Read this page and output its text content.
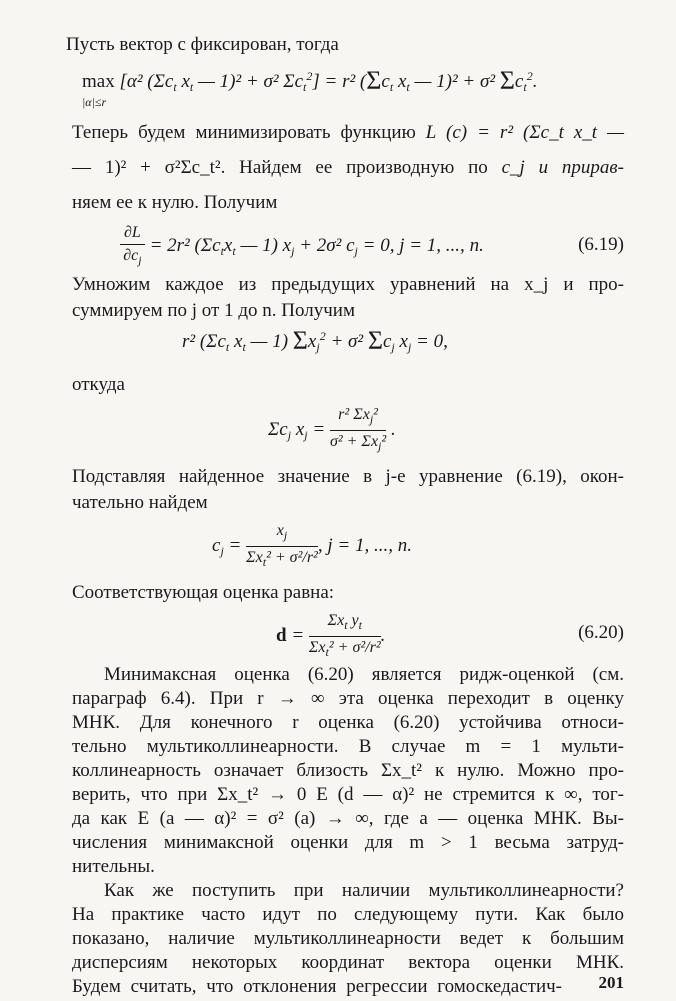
Пусть вектор с фиксирован, тогда
max [α² ($\Sigma c_t$ $x_t$ — 1)² + σ² $\Sigma c_t^2] = r^2$ ($\Sigma c_t$ $x_t$ — 1)² + σ² $\Sigma c_t^2$.
|α|≤r
Теперь будем минимизировать функцию L (c) = r² (Σc_t x_t —
— 1)² + σ²Σc_t². Найдем ее производную по c_j и прирав-
няем ее к нулю. Получим
$\frac{\partial L}{\partial c_j} = 2r^2$ ($\Sigma c_tx_t$ — 1) $x_j + 2\sigma^2$ $c_j = 0$, j = 1, ..., n.	(6.19)
Умножим каждое из предыдущих уравнений на x_j и про-
суммируем по j от 1 до n. Получим
r² ($\Sigma c_t$ $x_t$ — 1) $\Sigma x_j^2 + \sigma^2$ $\Sigma c_j$ $x_j = 0$,
откуда
$\Sigma c_j$ $x_j = \frac{r^2 \Sigma x_j^2}{\sigma^2 + \Sigma x_j^2}$ .
Подставляя найденное значение в j-е уравнение (6.19), окон-
чательно найдем
$c_j = \frac{x_j}{\Sigma x_t^2 + \sigma^2/r^2}$ , j = 1, ..., n.
Соответствующая оценка равна:
$d = \frac{\Sigma x_t y_t}{\Sigma x_t^2 + \sigma^2/r^2}$ .	(6.20)
Минимаксная оценка (6.20) является ридж-оценкой (см.
параграф 6.4). При r → ∞ эта оценка переходит в оценку
МНК. Для конечного r оценка (6.20) устойчива относи-
тельно мультиколлинеарности. В случае m = 1 мульти-
коллинеарность означает близость Σx_t² к нулю. Можно про-
верить, что при Σx_t² → 0 E (d — α)² не стремится к ∞, тог-
да как E (a — α)² = σ² (a) → ∞, где a — оценка МНК. Вы-
числения минимаксной оценки для m > 1 весьма затруд-
нительны.
Как же поступить при наличии мультиколлинеарности?
На практике часто идут по следующему пути. Как было
показано, наличие мультиколлинеарности ведет к большим
дисперсиям некоторых координат вектора оценки МНК.
Будем считать, что отклонения регрессии гомоскедастич- 201
